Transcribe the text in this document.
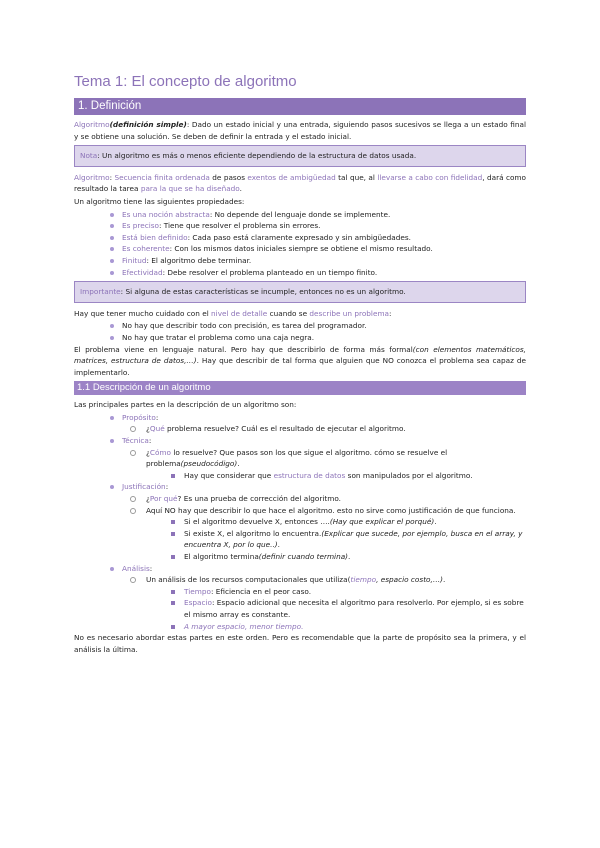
Tema 1: El concepto de algoritmo
1. Definición

Algoritmo(definición simple): Dado un estado inicial y una entrada, siguiendo pasos sucesivos se llega a un estado final y se obtiene una solución. Se deben de definir la entrada y el estado inicial.

Nota: Un algoritmo es más o menos eficiente dependiendo de la estructura de datos usada.

Algoritmo: Secuencia finita ordenada de pasos exentos de ambigüedad tal que, al llevarse a cabo con fidelidad, dará como resultado la tarea para la que se ha diseñado.

Un algoritmo tiene las siguientes propiedades:

Es una noción abstracta: No depende del lenguaje donde se implemente.
Es preciso: Tiene que resolver el problema sin errores.
Está bien definido: Cada paso está claramente expresado y sin ambigüedades.
Es coherente: Con los mismos datos iniciales siempre se obtiene el mismo resultado.
Finitud: El algoritmo debe terminar.
Efectividad: Debe resolver el problema planteado en un tiempo finito.
Importante: Si alguna de estas características se incumple, entonces no es un algoritmo.

Hay que tener mucho cuidado con el nivel de detalle cuando se describe un problema:

No hay que describir todo con precisión, es tarea del programador.
No hay que tratar el problema como una caja negra.

El problema viene en lenguaje natural. Pero hay que describirlo de forma más formal(con elementos matemáticos, matrices, estructura de datos,…). Hay que describir de tal forma que alguien que NO conozca el problema sea capaz de implementarlo.

1.1 Descripción de un algoritmo

Las principales partes en la descripción de un algoritmo son:

Propósito:
¿Qué problema resuelve? Cuál es el resultado de ejecutar el algoritmo.
Técnica:
¿Cómo lo resuelve? Que pasos son los que sigue el algoritmo. cómo se resuelve el problema(pseudocódigo).
Hay que considerar que estructura de datos son manipulados por el algoritmo.
Justificación:
¿Por qué? Es una prueba de corrección del algoritmo.
Aquí NO hay que describir lo que hace el algoritmo. esto no sirve como justificación de que funciona.
Si el algoritmo devuelve X, entonces ….(Hay que explicar el porqué).
Si existe X, el algoritmo lo encuentra.(Explicar que sucede, por ejemplo, busca en el array, y encuentra X, por lo que..).
El algoritmo termina(definir cuando termina).
Análisis:
Un análisis de los recursos computacionales que utiliza(tiempo, espacio costo,…).
Tiempo: Eficiencia en el peor caso.
Espacio: Espacio adicional que necesita el algoritmo para resolverlo. Por ejemplo, si es sobre el mismo array es constante.
A mayor espacio, menor tiempo.

No es necesario abordar estas partes en este orden. Pero es recomendable que la parte de propósito sea la primera, y el análisis la última.
